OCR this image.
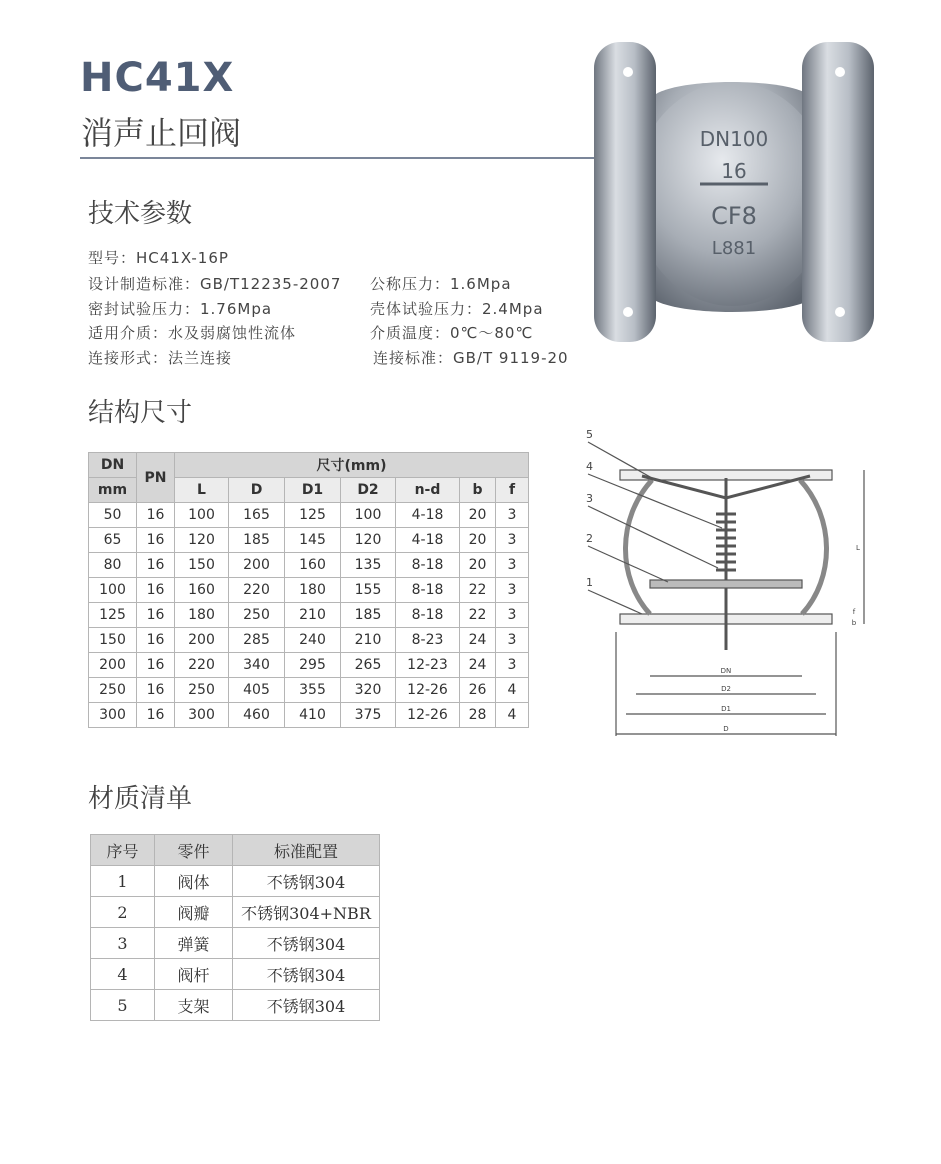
HC41X
消声止回阀	DN100
16
CF8
L881
技术参数
型号：HC41X-16P
设计制造标准：GB/T12235-2007
密封试验压力：1.76Mpa
适用介质：水及弱腐蚀性流体
连接形式：法兰连接
公称压力：1.6Mpa
壳体试验压力：2.4Mpa
介质温度：0℃～80℃
连接标准：GB/T 9119-20
结构尺寸
DN	PN	尺寸(mm)						
mm		L	D	D1	D2	n-d	b	f
50	16	100	165	125	100	4-18	20	3
65	16	120	185	145	120	4-18	20	3
80	16	150	200	160	135	8-18	20	3
100	16	160	220	180	155	8-18	22	3
125	16	180	250	210	185	8-18	22	3
150	16	200	285	240	210	8-23	24	3
200	16	220	340	295	265	12-23	24	3
250	16	250	405	355	320	12-26	26	4
300	16	300	460	410	375	12-26	28	4
5
4
3
2
1
DN
D2
D1
D
L
b
f
材质清单
序号	零件	标准配置
1	阀体	不锈钢304
2	阀瓣	不锈钢304+NBR
3	弹簧	不锈钢304
4	阀杆	不锈钢304
5	支架	不锈钢304
